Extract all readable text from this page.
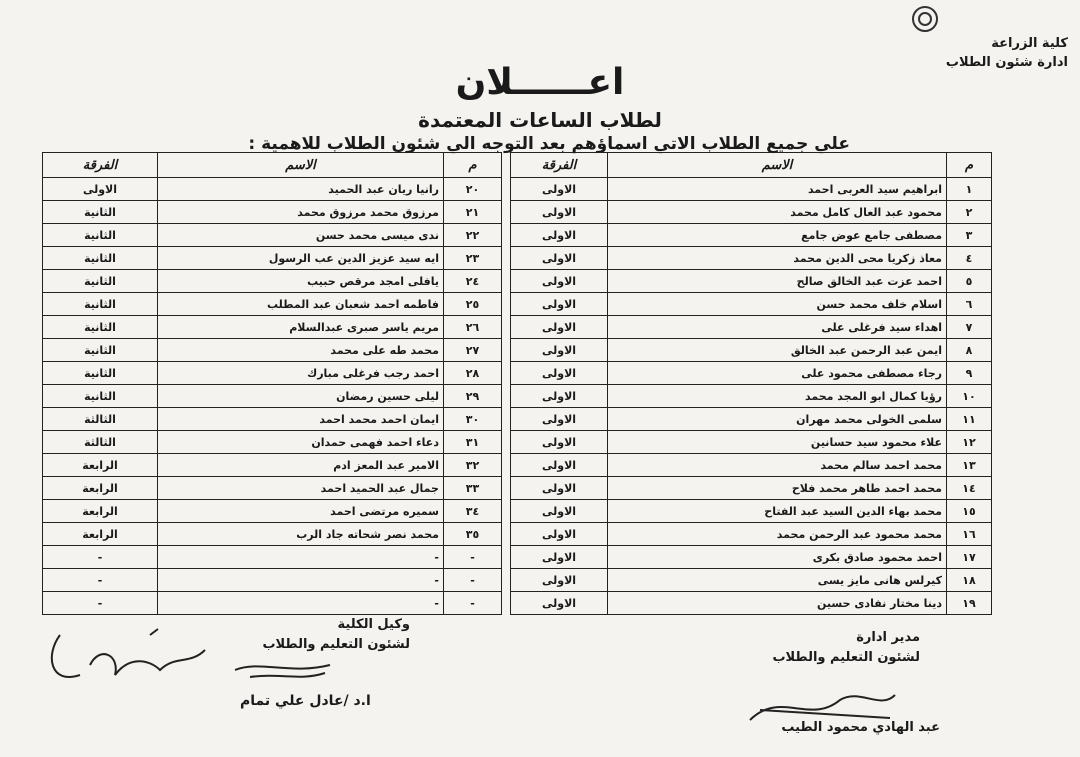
كلية الزراعة
ادارة شئون الطلاب
اعــــــلان
لطلاب الساعات المعتمدة
علي جميع الطلاب الاتي اسماؤهم بعد التوجه الي شئون الطلاب للاهمية :
الفرقة	الاسم	م
الاولى	رانيا ريان عبد الحميد	٢٠
الثانية	مرزوق محمد مرزوق محمد	٢١
الثانية	ندى ميسى محمد حسن	٢٢
الثانية	ايه سيد عزيز الدين عب الرسول	٢٣
الثانية	يافلى امجد مرقص حبيب	٢٤
الثانية	فاطمه احمد شعبان عبد المطلب	٢٥
الثانية	مريم ياسر صبرى عبدالسلام	٢٦
الثانية	محمد طه على محمد	٢٧
الثانية	احمد رجب فرغلى مبارك	٢٨
الثانية	ليلى حسين رمضان	٢٩
الثالثة	ايمان احمد محمد احمد	٣٠
الثالثة	دعاء احمد فهمى حمدان	٣١
الرابعة	الامير عبد المعز ادم	٣٢
الرابعة	جمال عبد الحميد احمد	٣٣
الرابعة	سميره مرتضى احمد	٣٤
الرابعة	محمد نصر شحاته جاد الرب	٣٥
-	-	-
-	-	-
-	-	-
الفرقة	الاسم	م
الاولى	ابراهيم سيد العربى احمد	١
الاولى	محمود عبد العال كامل محمد	٢
الاولى	مصطفى جامع عوض جامع	٣
الاولى	معاذ زكريا محى الدين محمد	٤
الاولى	احمد عزت عبد الخالق صالح	٥
الاولى	اسلام خلف محمد حسن	٦
الاولى	اهداء سيد فرغلى على	٧
الاولى	ايمن عبد الرحمن عبد الخالق	٨
الاولى	رجاء مصطفى محمود على	٩
الاولى	رؤيا كمال ابو المجد محمد	١٠
الاولى	سلمى الخولى محمد مهران	١١
الاولى	علاء محمود سيد حسانين	١٢
الاولى	محمد احمد سالم محمد	١٣
الاولى	محمد احمد طاهر محمد فلاح	١٤
الاولى	محمد بهاء الدين السيد عبد الفتاح	١٥
الاولى	محمد محمود عبد الرحمن محمد	١٦
الاولى	احمد محمود صادق بكرى	١٧
الاولى	كيرلس هانى مايز يسى	١٨
الاولى	دينا مختار نفادى حسين	١٩
وكيل الكلية
لشئون التعليم والطلاب
ا.د /عادل علي تمام
مدير ادارة
لشئون التعليم والطلاب
عبد الهادي محمود الطيب
